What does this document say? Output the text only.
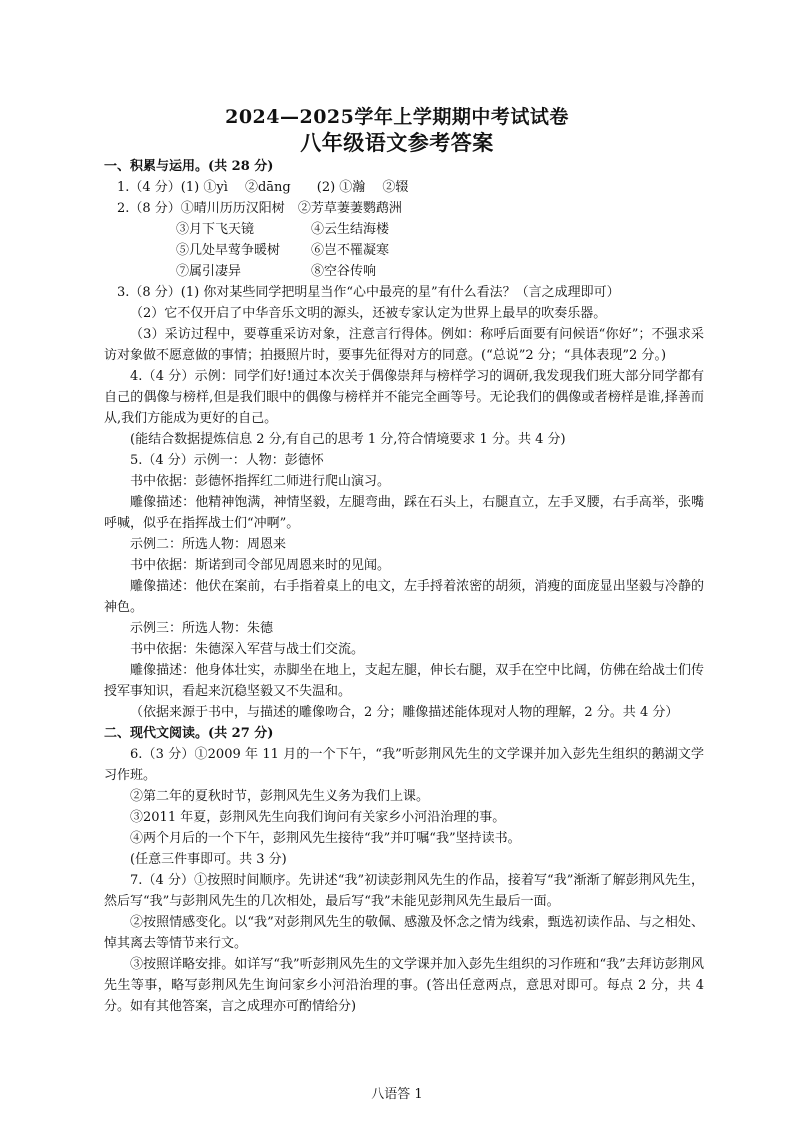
2024—2025学年上学期期中考试试卷
八年级语文参考答案

一、积累与运用。(共 28 分)

1.（4 分）(1) ①yì　 ②dāng　　(2) ①瀚　 ②辍

2.（8 分）①晴川历历汉阳树　 ②芳草萋萋鹦鹉洲

③月下飞天镜	④云生结海楼

⑤几处早莺争暖树 ⑥岂不罹凝寒

⑦属引凄异	⑧空谷传响

3.（8 分）(1) 你对某些同学把明星当作“心中最亮的星”有什么看法？（言之成理即可）

（2）它不仅开启了中华音乐文明的源头，还被专家认定为世界上最早的吹奏乐器。

（3）采访过程中，要尊重采访对象，注意言行得体。例如：称呼后面要有问候语“你好”；不强求采访对象做不愿意做的事情；拍摄照片时，要事先征得对方的同意。(“总说”2 分；“具体表现”2 分。)

4.（4 分）示例：同学们好!通过本次关于偶像崇拜与榜样学习的调研,我发现我们班大部分同学都有自己的偶像与榜样,但是我们眼中的偶像与榜样并不能完全画等号。无论我们的偶像或者榜样是谁,择善而从,我们方能成为更好的自己。

(能结合数据提炼信息 2 分,有自己的思考 1 分,符合情境要求 1 分。共 4 分)

5.（4 分）示例一：人物：彭德怀

书中依据：彭德怀指挥红二师进行爬山演习。

雕像描述：他精神饱满，神情坚毅，左腿弯曲，踩在石头上，右腿直立，左手叉腰，右手高举，张嘴呼喊，似乎在指挥战士们“冲啊”。

示例二：所选人物：周恩来

书中依据：斯诺到司令部见周恩来时的见闻。

雕像描述：他伏在案前，右手指着桌上的电文，左手捋着浓密的胡须，消瘦的面庞显出坚毅与冷静的神色。

示例三：所选人物：朱德

书中依据：朱德深入军营与战士们交流。

雕像描述：他身体壮实，赤脚坐在地上，支起左腿，伸长右腿，双手在空中比阔，仿佛在给战士们传授军事知识，看起来沉稳坚毅又不失温和。

（依据来源于书中，与描述的雕像吻合，2 分；雕像描述能体现对人物的理解，2 分。共 4 分）

二、现代文阅读。(共 27 分)

6.（3 分）①2009 年 11 月的一个下午，“我”听彭荆风先生的文学课并加入彭先生组织的鹅湖文学习作班。

②第二年的夏秋时节，彭荆风先生义务为我们上课。

③2011 年夏，彭荆风先生向我们询问有关家乡小河沿治理的事。

④两个月后的一个下午，彭荆风先生接待“我”并叮嘱“我”坚持读书。

(任意三件事即可。共 3 分)

7.（4 分）①按照时间顺序。先讲述“我”初读彭荆风先生的作品，接着写“我”渐渐了解彭荆风先生，然后写“我”与彭荆风先生的几次相处，最后写“我”未能见彭荆风先生最后一面。

②按照情感变化。以“我”对彭荆风先生的敬佩、感激及怀念之情为线索，甄选初读作品、与之相处、悼其离去等情节来行文。

③按照详略安排。如详写“我”听彭荆风先生的文学课并加入彭先生组织的习作班和“我”去拜访彭荆风先生等事，略写彭荆风先生询问家乡小河沿治理的事。(答出任意两点，意思对即可。每点 2 分，共 4 分。如有其他答案，言之成理亦可酌情给分)

八语答 1
